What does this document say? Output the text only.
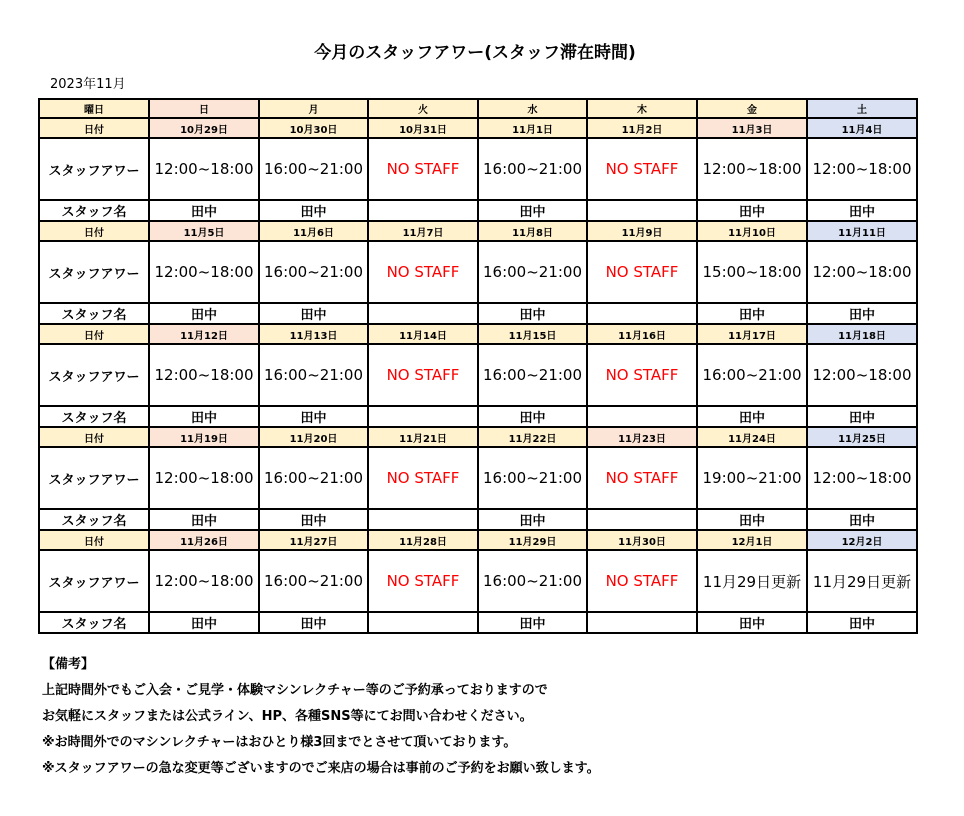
今月のスタッフアワー(スタッフ滞在時間)
2023年11月
曜日	日	月	火	水	木	金	土
日付	10月29日	10月30日	10月31日	11月1日	11月2日	11月3日	11月4日
スタッフアワー	12:00~18:00	16:00~21:00	NO STAFF	16:00~21:00	NO STAFF	12:00~18:00	12:00~18:00
スタッフ名	田中	田中		田中		田中	田中
日付	11月5日	11月6日	11月7日	11月8日	11月9日	11月10日	11月11日
スタッフアワー	12:00~18:00	16:00~21:00	NO STAFF	16:00~21:00	NO STAFF	15:00~18:00	12:00~18:00
スタッフ名	田中	田中		田中		田中	田中
日付	11月12日	11月13日	11月14日	11月15日	11月16日	11月17日	11月18日
スタッフアワー	12:00~18:00	16:00~21:00	NO STAFF	16:00~21:00	NO STAFF	16:00~21:00	12:00~18:00
スタッフ名	田中	田中		田中		田中	田中
日付	11月19日	11月20日	11月21日	11月22日	11月23日	11月24日	11月25日
スタッフアワー	12:00~18:00	16:00~21:00	NO STAFF	16:00~21:00	NO STAFF	19:00~21:00	12:00~18:00
スタッフ名	田中	田中		田中		田中	田中
日付	11月26日	11月27日	11月28日	11月29日	11月30日	12月1日	12月2日
スタッフアワー	12:00~18:00	16:00~21:00	NO STAFF	16:00~21:00	NO STAFF	11月29日更新	11月29日更新
スタッフ名	田中	田中		田中		田中	田中
【備考】
上記時間外でもご入会・ご見学・体験マシンレクチャー等のご予約承っておりますので
お気軽にスタッフまたは公式ライン、HP、各種SNS等にてお問い合わせください。
※お時間外でのマシンレクチャーはおひとり様3回までとさせて頂いております。
※スタッフアワーの急な変更等ございますのでご来店の場合は事前のご予約をお願い致します。
